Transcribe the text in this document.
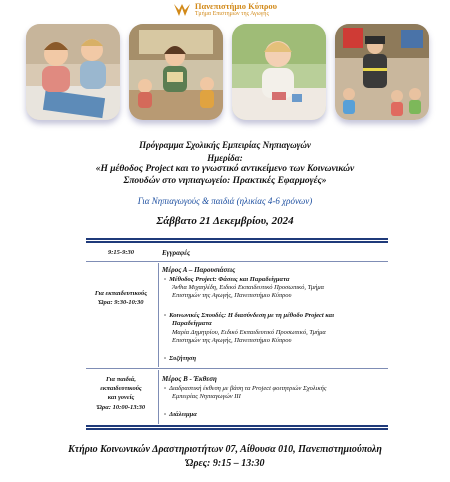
Πανεπιστήμιο Κύπρου
Τμήμα Επιστημών της Αγωγής
Πρόγραμμα Σχολικής Εμπειρίας Νηπιαγωγών
Ημερίδα:
«Η μέθοδος Project και το γνωστικό αντικείμενο των Κοινωνικών
Σπουδών στο νηπιαγωγείο: Πρακτικές Εφαρμογές»
Για Νηπιαγωγούς & παιδιά (ηλικίας 4-6 χρόνων)
Σάββατο 21 Δεκεμβρίου, 2024
9:15-9:30	Εγγραφές
Για εκπαιδευτικούς
Ώρα: 9:30-10:30
Μέρος Α – Παρουσιάσεις
▫ Μέθοδος Project: Φάσεις και Παραδείγματα
Άνθια Μιχαηλίδη, Ειδικό Εκπαιδευτικό Προσωπικό, Τμήμα
Επιστημών της Αγωγής, Πανεπιστήμιο Κύπρου
▫ Κοινωνικές Σπουδές: Η διασύνδεση με τη μέθοδο Project και
Παραδείγματα
Μαρία Δημητρίου, Ειδικό Εκπαιδευτικό Προσωπικό, Τμήμα
Επιστημών της Αγωγής, Πανεπιστήμιο Κύπρου
▫ Συζήτηση
Για παιδιά,
εκπαιδευτικούς
και γονείς
Ώρα: 10:00-13:30
Μέρος Β - Έκθεση
▫ Διαδραστική έκθεση με βάση τα Project φοιτητριών Σχολικής
Εμπειρίας Νηπιαγωγών ΙΙΙ
▫ Διάλειμμα
Κτήριο Κοινωνικών Δραστηριοτήτων 07, Αίθουσα 010, Πανεπιστημιούπολη
Ώρες: 9:15 – 13:30
